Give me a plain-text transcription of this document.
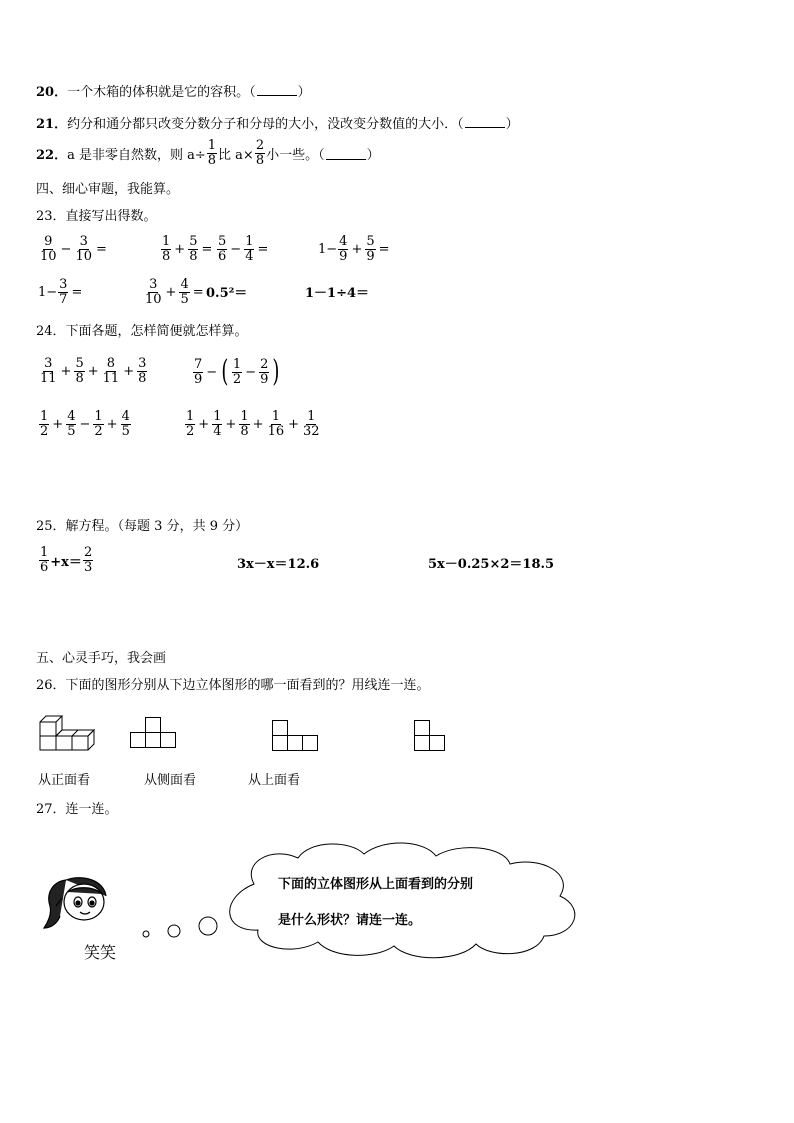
20．一个木箱的体积就是它的容积。（	）
21．约分和通分都只改变分数分子和分母的大小，没改变分数值的大小．（	）
22． a 是非零自然数，则 $a\div \frac{1}{8}$ 比 $a\times \frac{2}{8}$ 小一些。（	）
四、细心审题，我能算。
23．直接写出得数。
$\frac{9}{10} - \frac{3}{10}$ =	$\frac{1}{8} + \frac{5}{8} = \frac{5}{6} - \frac{1}{4}$ =	$1- \frac{4}{9} + \frac{5}{9}$ =
$1- \frac{3}{7}$ =	$\frac{3}{10} + \frac{4}{5} = 0.5^2=$	1－1÷4＝
24．下面各题，怎样简便就怎样算。
$\frac{3}{11} + \frac{5}{8} + \frac{8}{11} + \frac{3}{8}$	$\frac{7}{9}$ − ( $\frac{1}{2} - \frac{2}{9}$ )
$\frac{1}{2} + \frac{4}{5} - \frac{1}{2} + \frac{4}{5}$	$\frac{1}{2} + \frac{1}{4} + \frac{1}{8} + \frac{1}{16} + \frac{1}{32}$
25．解方程。（每题 3 分，共 9 分）
$\frac{1}{6} +x= \frac{2}{3}$	3x－x＝12.6	5x－0.25×2＝18.5
五、心灵手巧，我会画
26．下面的图形分别从下边立体图形的哪一面看到的？用线连一连。
从正面看	从侧面看	从上面看
27．连一连。
笑笑
下面的立体图形从上面看到的分别
是什么形状？请连一连。
